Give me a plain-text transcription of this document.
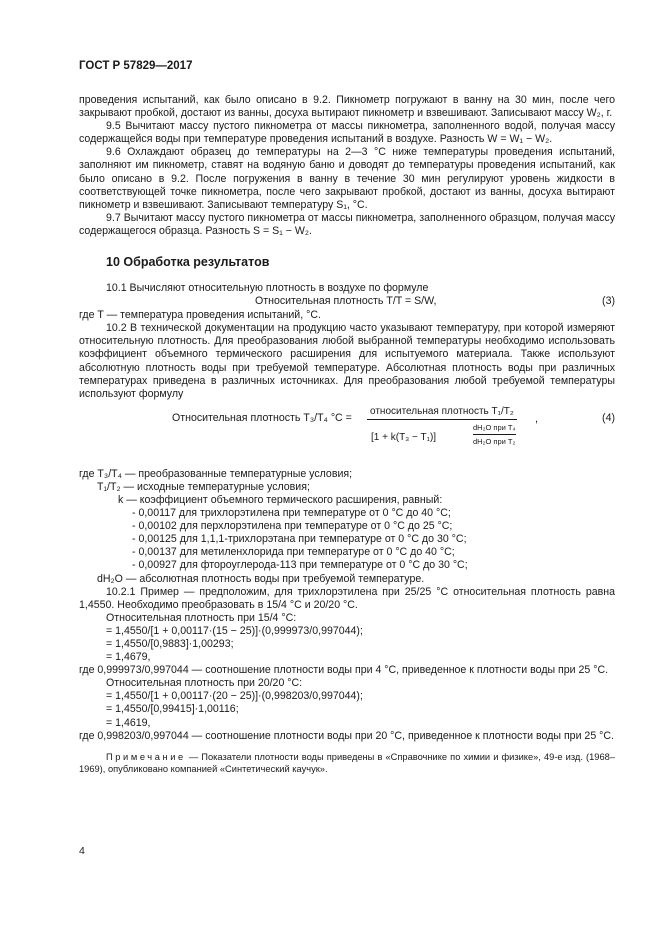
ГОСТ Р 57829—2017

проведения испытаний, как было описано в 9.2. Пикнометр погружают в ванну на 30 мин, после чего закрывают пробкой, достают из ванны, досуха вытирают пикнометр и взвешивают. Записывают массу W₂, г.

9.5 Вычитают массу пустого пикнометра от массы пикнометра, заполненного водой, получая массу содержащейся воды при температуре проведения испытаний в воздухе. Разность W = W₁ − W₂.

9.6 Охлаждают образец до температуры на 2—3 °С ниже температуры проведения испытаний, заполняют им пикнометр, ставят на водяную баню и доводят до температуры проведения испытаний, как было описано в 9.2. После погружения в ванну в течение 30 мин регулируют уровень жидкости в соответствующей точке пикнометра, после чего закрывают пробкой, достают из ванны, досуха вытирают пикнометр и взвешивают. Записывают температуру S₁, °С.

9.7 Вычитают массу пустого пикнометра от массы пикнометра, заполненного образцом, получая массу содержащегося образца. Разность S = S₁ − W₂.

10 Обработка результатов

10.1 Вычисляют относительную плотность в воздухе по формуле

Относительная плотность T/T = S/W,	(3)

где T — температура проведения испытаний, °С.

10.2 В технической документации на продукцию часто указывают температуру, при которой измеряют относительную плотность. Для преобразования любой выбранной температуры необходимо использовать коэффициент объемного термического расширения для испытуемого материала. Также используют абсолютную плотность воды при требуемой температуре. Абсолютная плотность воды при различных температурах приведена в различных источниках. Для преобразования любой требуемой температуры используют формулу

Относительная плотность T₃/T₄ °С =
относительная плотность T₁/T₂
[1 + k(T₃ − T₁)]
dH₂O при T₄
dH₂O при T₂
,	(4)
где T₃/T₄ — преобразованные температурные условия;
T₁/T₂ — исходные температурные условия;
k — коэффициент объемного термического расширения, равный:
- 0,00117 для трихлорэтилена при температуре от 0 °С до 40 °С;
- 0,00102 для перхлорэтилена при температуре от 0 °С до 25 °С;
- 0,00125 для 1,1,1-трихлорэтана при температуре от 0 °С до 30 °С;
- 0,00137 для метиленхлорида при температуре от 0 °С до 40 °С;
- 0,00927 для фтороуглерода-113 при температуре от 0 °С до 30 °С;
dH₂O — абсолютная плотность воды при требуемой температуре.

10.2.1 Пример — предположим, для трихлорэтилена при 25/25 °С относительная плотность равна 1,4550. Необходимо преобразовать в 15/4 °С и 20/20 °С.

Относительная плотность при 15/4 °С:
= 1,4550/[1 + 0,00117·(15 − 25)]·(0,999973/0,997044);
= 1,4550/[0,9883]·1,00293;
= 1,4679,

где 0,999973/0,997044 — соотношение плотности воды при 4 °С, приведенное к плотности воды при 25 °С.

Относительная плотность при 20/20 °С:
= 1,4550/[1 + 0,00117·(20 − 25)]·(0,998203/0,997044);
= 1,4550/[0,99415]·1,00116;
= 1,4619,

где 0,998203/0,997044 — соотношение плотности воды при 20 °С, приведенное к плотности воды при 25 °С.

Примечание — Показатели плотности воды приведены в «Справочнике по химии и физике», 49-е изд. (1968–1969), опубликовано компанией «Синтетический каучук».

4
